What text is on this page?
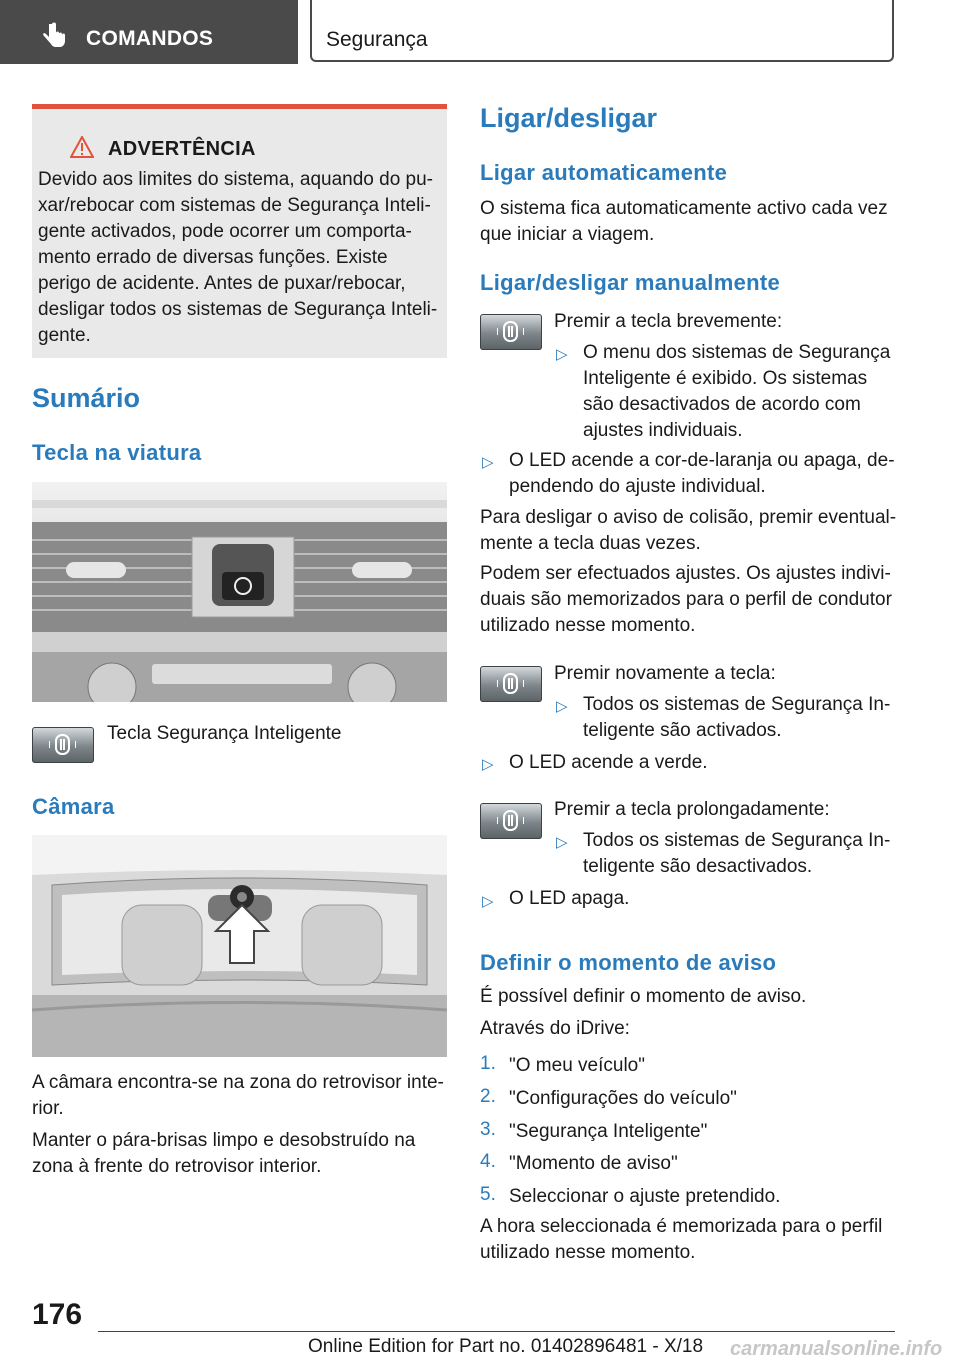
COMANDOS	Segurança
ADVERTÊNCIA
Devido aos limites do sistema, aquando do pu‐
xar/rebocar com sistemas de Segurança Inteli‐
gente activados, pode ocorrer um comporta‐
mento errado de diversas funções. Existe
perigo de acidente. Antes de puxar/rebocar,
desligar todos os sistemas de Segurança Inteli‐
gente.
Sumário
Tecla na viatura
Tecla Segurança Inteligente
Câmara
A câmara encontra-se na zona do retrovisor inte‐
rior.
Manter o pára-brisas limpo e desobstruído na
zona à frente do retrovisor interior.
Ligar/desligar
Ligar automaticamente
O sistema fica automaticamente activo cada vez
que iniciar a viagem.
Ligar/desligar manualmente
Premir a tecla brevemente:
▷ O menu dos sistemas de Segurança
Inteligente é exibido. Os sistemas
são desactivados de acordo com
ajustes individuais.
▷ O LED acende a cor-de-laranja ou apaga, de‐
pendendo do ajuste individual.
Para desligar o aviso de colisão, premir eventual‐
mente a tecla duas vezes.
Podem ser efectuados ajustes. Os ajustes indivi‐
duais são memorizados para o perfil de condutor
utilizado nesse momento.
Premir novamente a tecla:
▷ Todos os sistemas de Segurança In‐
teligente são activados.
▷ O LED acende a verde.
Premir a tecla prolongadamente:
▷ Todos os sistemas de Segurança In‐
teligente são desactivados.
▷ O LED apaga.
Definir o momento de aviso
É possível definir o momento de aviso.
Através do iDrive:
1. "O meu veículo"
2. "Configurações do veículo"
3. "Segurança Inteligente"
4. "Momento de aviso"
5. Seleccionar o ajuste pretendido.
A hora seleccionada é memorizada para o perfil
utilizado nesse momento.
176
Online Edition for Part no. 01402896481 - X/18 carmanualsonline.info
